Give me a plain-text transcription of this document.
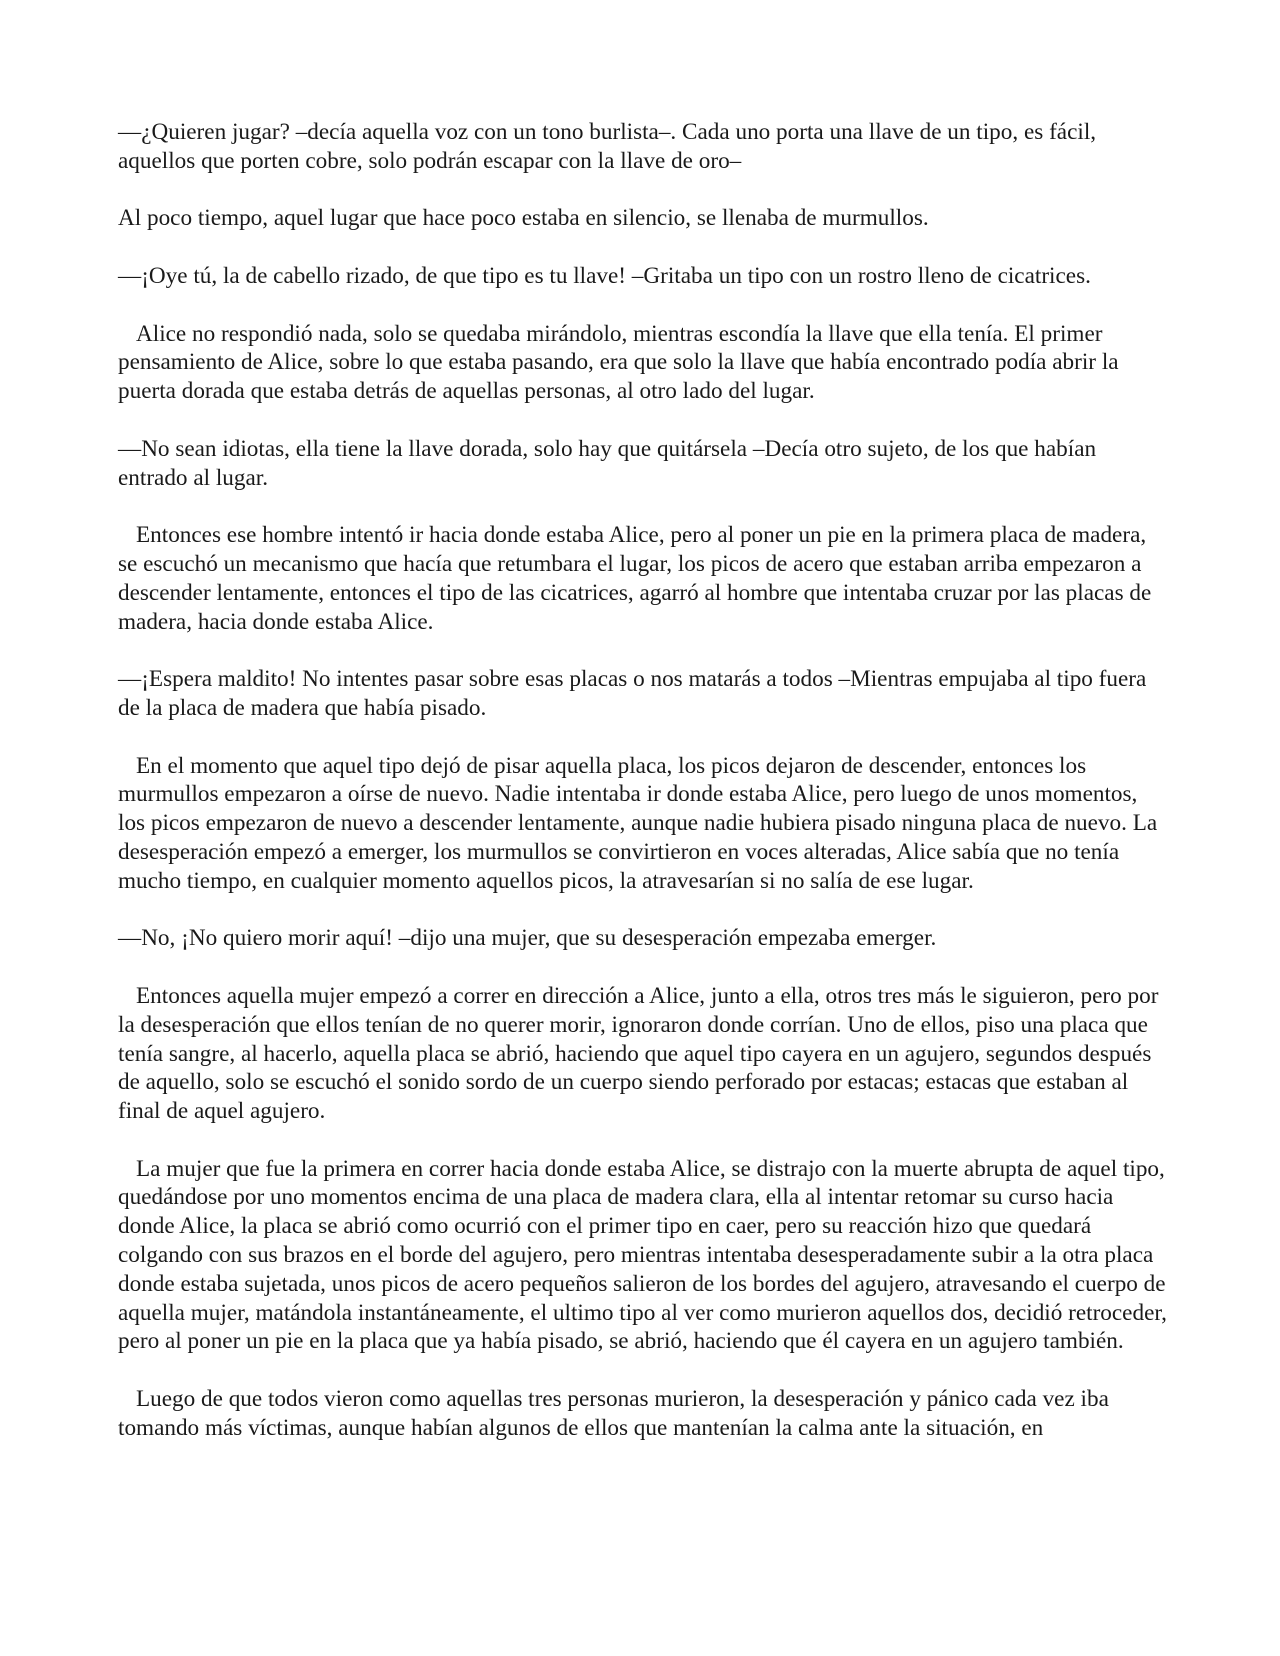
—¿Quieren jugar? –decía aquella voz con un tono burlista–. Cada uno porta una llave de un tipo, es fácil, aquellos que porten cobre, solo podrán escapar con la llave de oro–

Al poco tiempo, aquel lugar que hace poco estaba en silencio, se llenaba de murmullos.

—¡Oye tú, la de cabello rizado, de que tipo es tu llave! –Gritaba un tipo con un rostro lleno de cicatrices.

Alice no respondió nada, solo se quedaba mirándolo, mientras escondía la llave que ella tenía. El primer pensamiento de Alice, sobre lo que estaba pasando, era que solo la llave que había encontrado podía abrir la puerta dorada que estaba detrás de aquellas personas, al otro lado del lugar.

—No sean idiotas, ella tiene la llave dorada, solo hay que quitársela –Decía otro sujeto, de los que habían entrado al lugar.

Entonces ese hombre intentó ir hacia donde estaba Alice, pero al poner un pie en la primera placa de madera, se escuchó un mecanismo que hacía que retumbara el lugar, los picos de acero que estaban arriba empezaron a descender lentamente, entonces el tipo de las cicatrices, agarró al hombre que intentaba cruzar por las placas de madera, hacia donde estaba Alice.

—¡Espera maldito! No intentes pasar sobre esas placas o nos matarás a todos –Mientras empujaba al tipo fuera de la placa de madera que había pisado.

En el momento que aquel tipo dejó de pisar aquella placa, los picos dejaron de descender, entonces los murmullos empezaron a oírse de nuevo. Nadie intentaba ir donde estaba Alice, pero luego de unos momentos, los picos empezaron de nuevo a descender lentamente, aunque nadie hubiera pisado ninguna placa de nuevo. La desesperación empezó a emerger, los murmullos se convirtieron en voces alteradas, Alice sabía que no tenía mucho tiempo, en cualquier momento aquellos picos, la atravesarían si no salía de ese lugar.

—No, ¡No quiero morir aquí! –dijo una mujer, que su desesperación empezaba emerger.

Entonces aquella mujer empezó a correr en dirección a Alice, junto a ella, otros tres más le siguieron, pero por la desesperación que ellos tenían de no querer morir, ignoraron donde corrían. Uno de ellos, piso una placa que tenía sangre, al hacerlo, aquella placa se abrió, haciendo que aquel tipo cayera en un agujero, segundos después de aquello, solo se escuchó el sonido sordo de un cuerpo siendo perforado por estacas; estacas que estaban al final de aquel agujero.

La mujer que fue la primera en correr hacia donde estaba Alice, se distrajo con la muerte abrupta de aquel tipo, quedándose por uno momentos encima de una placa de madera clara, ella al intentar retomar su curso hacia donde Alice, la placa se abrió como ocurrió con el primer tipo en caer, pero su reacción hizo que quedará colgando con sus brazos en el borde del agujero, pero mientras intentaba desesperadamente subir a la otra placa donde estaba sujetada, unos picos de acero pequeños salieron de los bordes del agujero, atravesando el cuerpo de aquella mujer, matándola instantáneamente, el ultimo tipo al ver como murieron aquellos dos, decidió retroceder, pero al poner un pie en la placa que ya había pisado, se abrió, haciendo que él cayera en un agujero también.

Luego de que todos vieron como aquellas tres personas murieron, la desesperación y pánico cada vez iba tomando más víctimas, aunque habían algunos de ellos que mantenían la calma ante la situación, en
